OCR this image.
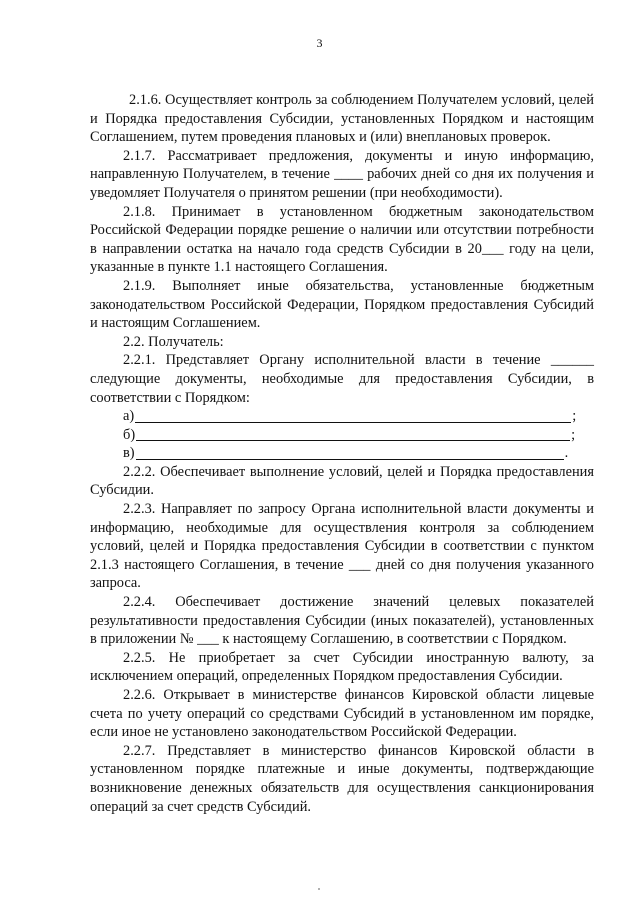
3

2.1.6. Осуществляет контроль за соблюдением Получателем условий, целей и Порядка предоставления Субсидии, установленных Порядком и настоящим Соглашением, путем проведения плановых и (или) внеплановых проверок.

2.1.7. Рассматривает предложения, документы и иную информацию, направленную Получателем, в течение ____ рабочих дней со дня их получения и уведомляет Получателя о принятом решении (при необходимости).

2.1.8. Принимает в установленном бюджетным законодательством Российской Федерации порядке решение о наличии или отсутствии потребности в направлении остатка на начало года средств Субсидии в 20___ году на цели, указанные в пункте 1.1 настоящего Соглашения.

2.1.9. Выполняет иные обязательства, установленные бюджетным законодательством Российской Федерации, Порядком предоставления Субсидий и настоящим Соглашением.

2.2. Получатель:

2.2.1. Представляет Органу исполнительной власти в течение ______ следующие документы, необходимые для предоставления Субсидии, в соответствии с Порядком:

а)	;
б)	;
в)	.

2.2.2. Обеспечивает выполнение условий, целей и Порядка предоставления Субсидии.

2.2.3. Направляет по запросу Органа исполнительной власти документы и информацию, необходимые для осуществления контроля за соблюдением условий, целей и Порядка предоставления Субсидии в соответствии с пунктом 2.1.3 настоящего Соглашения, в течение ___ дней со дня получения указанного запроса.

2.2.4. Обеспечивает достижение значений целевых показателей результативности предоставления Субсидии (иных показателей), установленных в приложении № ___ к настоящему Соглашению, в соответствии с Порядком.

2.2.5. Не приобретает за счет Субсидии иностранную валюту, за исключением операций, определенных Порядком предоставления Субсидии.

2.2.6. Открывает в министерстве финансов Кировской области лицевые счета по учету операций со средствами Субсидий в установленном им порядке, если иное не установлено законодательством Российской Федерации.

2.2.7. Представляет в министерство финансов Кировской области в установленном порядке платежные и иные документы, подтверждающие возникновение денежных обязательств для осуществления санкционирования операций за счет средств Субсидий.
